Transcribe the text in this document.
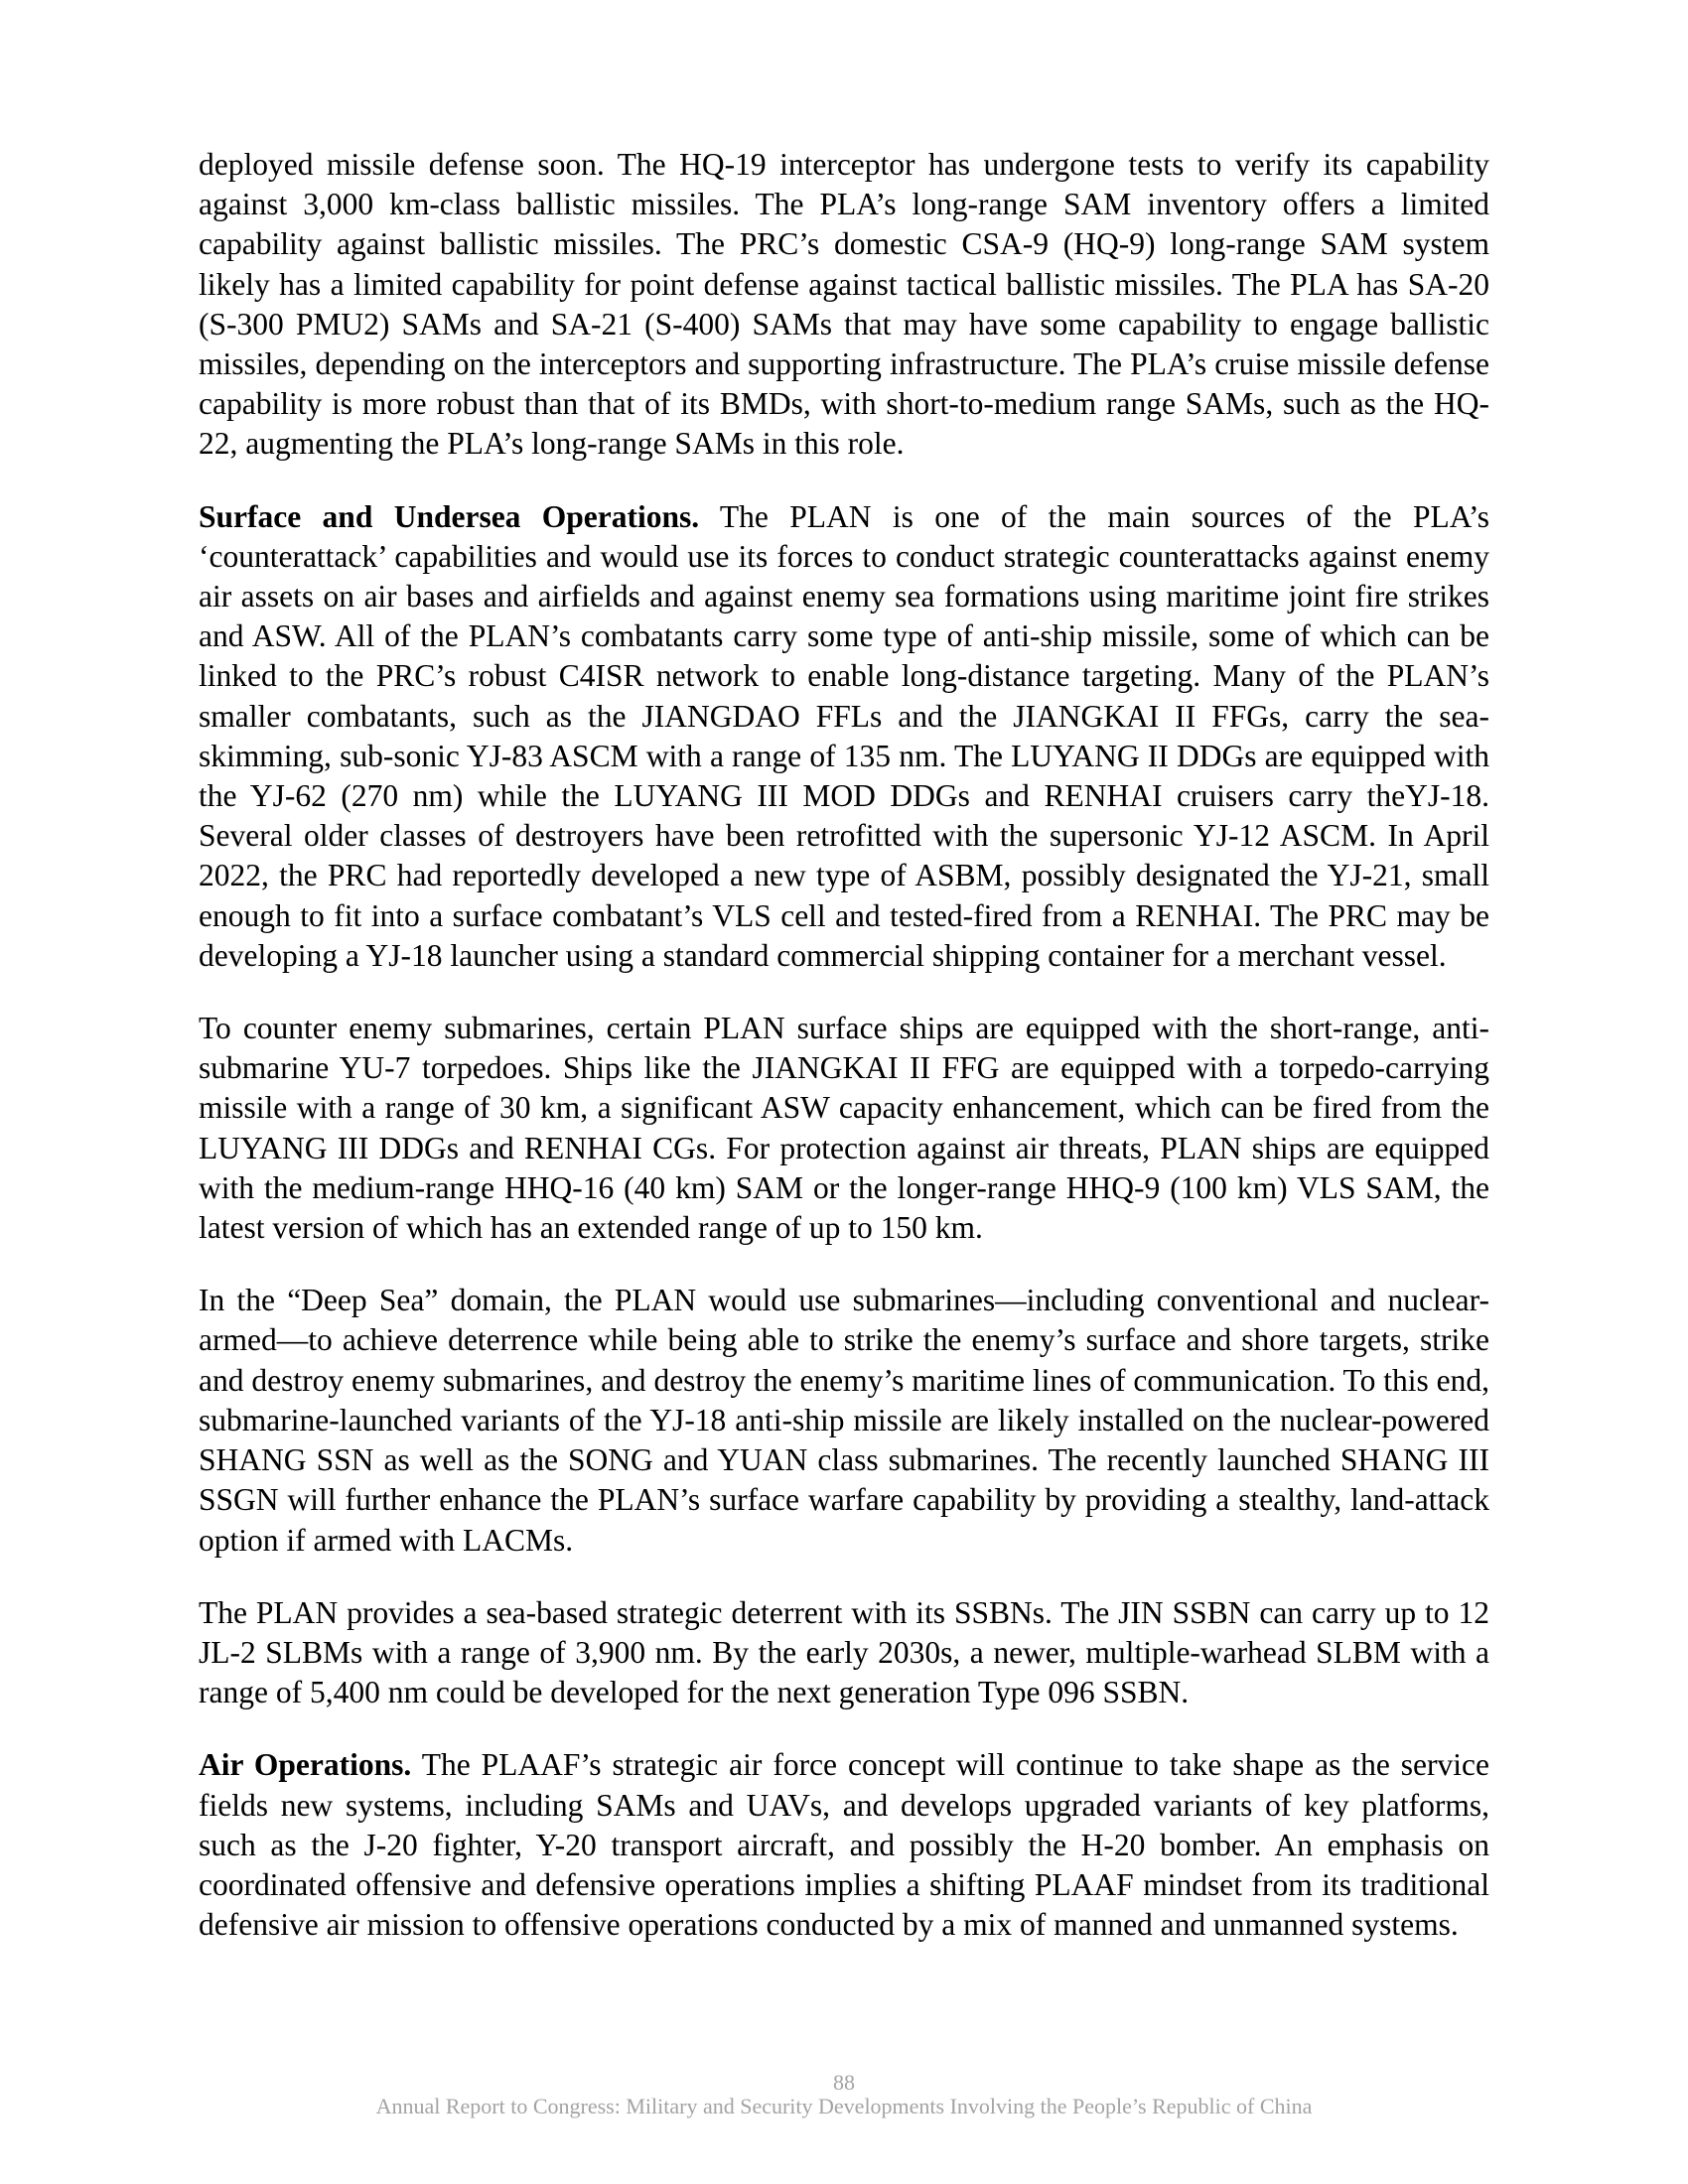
deployed missile defense soon. The HQ-19 interceptor has undergone tests to verify its capability against 3,000 km-class ballistic missiles. The PLA’s long-range SAM inventory offers a limited capability against ballistic missiles. The PRC’s domestic CSA-9 (HQ-9) long-range SAM system likely has a limited capability for point defense against tactical ballistic missiles. The PLA has SA-20 (S-300 PMU2) SAMs and SA-21 (S-400) SAMs that may have some capability to engage ballistic missiles, depending on the interceptors and supporting infrastructure. The PLA’s cruise missile defense capability is more robust than that of its BMDs, with short-to-medium range SAMs, such as the HQ-22, augmenting the PLA’s long-range SAMs in this role.

Surface and Undersea Operations. The PLAN is one of the main sources of the PLA’s ‘counterattack’ capabilities and would use its forces to conduct strategic counterattacks against enemy air assets on air bases and airfields and against enemy sea formations using maritime joint fire strikes and ASW. All of the PLAN’s combatants carry some type of anti-ship missile, some of which can be linked to the PRC’s robust C4ISR network to enable long-distance targeting. Many of the PLAN’s smaller combatants, such as the JIANGDAO FFLs and the JIANGKAI II FFGs, carry the sea-skimming, sub-sonic YJ-83 ASCM with a range of 135 nm. The LUYANG II DDGs are equipped with the YJ-62 (270 nm) while the LUYANG III MOD DDGs and RENHAI cruisers carry theYJ-18. Several older classes of destroyers have been retrofitted with the supersonic YJ-12 ASCM. In April 2022, the PRC had reportedly developed a new type of ASBM, possibly designated the YJ-21, small enough to fit into a surface combatant’s VLS cell and tested-fired from a RENHAI. The PRC may be developing a YJ-18 launcher using a standard commercial shipping container for a merchant vessel.

To counter enemy submarines, certain PLAN surface ships are equipped with the short-range, anti-submarine YU-7 torpedoes. Ships like the JIANGKAI II FFG are equipped with a torpedo-carrying missile with a range of 30 km, a significant ASW capacity enhancement, which can be fired from the LUYANG III DDGs and RENHAI CGs. For protection against air threats, PLAN ships are equipped with the medium-range HHQ-16 (40 km) SAM or the longer-range HHQ-9 (100 km) VLS SAM, the latest version of which has an extended range of up to 150 km.

In the “Deep Sea” domain, the PLAN would use submarines—including conventional and nuclear-armed—to achieve deterrence while being able to strike the enemy’s surface and shore targets, strike and destroy enemy submarines, and destroy the enemy’s maritime lines of communication. To this end, submarine-launched variants of the YJ-18 anti-ship missile are likely installed on the nuclear-powered SHANG SSN as well as the SONG and YUAN class submarines. The recently launched SHANG III SSGN will further enhance the PLAN’s surface warfare capability by providing a stealthy, land-attack option if armed with LACMs.

The PLAN provides a sea-based strategic deterrent with its SSBNs. The JIN SSBN can carry up to 12 JL-2 SLBMs with a range of 3,900 nm. By the early 2030s, a newer, multiple-warhead SLBM with a range of 5,400 nm could be developed for the next generation Type 096 SSBN.

Air Operations. The PLAAF’s strategic air force concept will continue to take shape as the service fields new systems, including SAMs and UAVs, and develops upgraded variants of key platforms, such as the J-20 fighter, Y-20 transport aircraft, and possibly the H-20 bomber. An emphasis on coordinated offensive and defensive operations implies a shifting PLAAF mindset from its traditional defensive air mission to offensive operations conducted by a mix of manned and unmanned systems.

88
Annual Report to Congress: Military and Security Developments Involving the People’s Republic of China
